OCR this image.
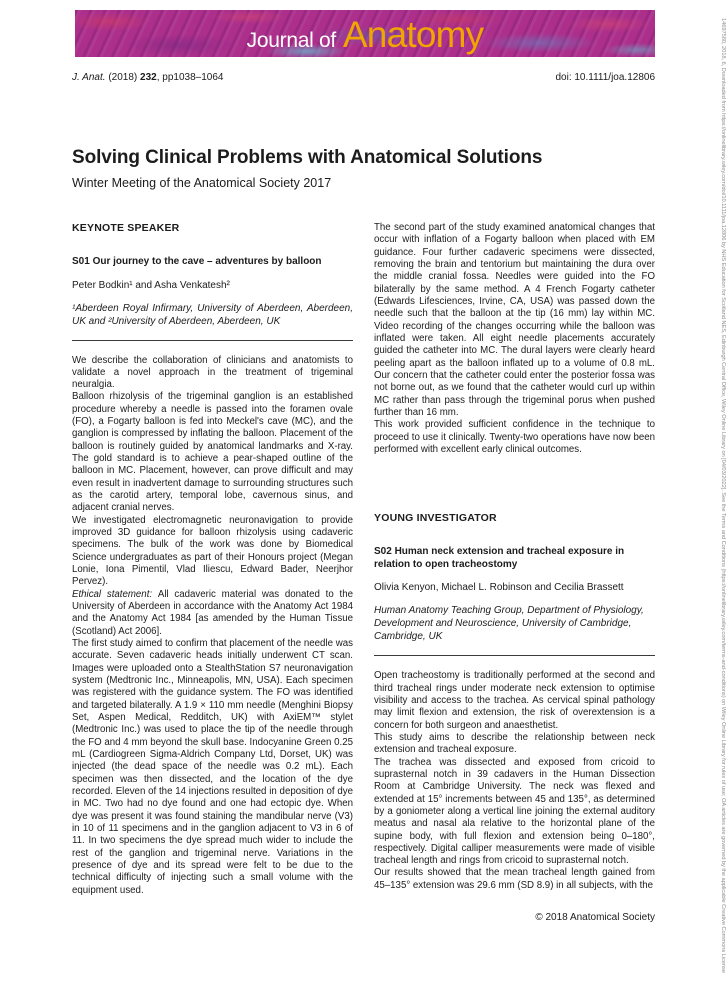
Journal of Anatomy
J. Anat. (2018) 232, pp1038–1064	doi: 10.1111/joa.12806
Solving Clinical Problems with Anatomical Solutions
Winter Meeting of the Anatomical Society 2017
KEYNOTE SPEAKER
S01 Our journey to the cave – adventures by balloon
Peter Bodkin¹ and Asha Venkatesh²
¹Aberdeen Royal Infirmary, University of Aberdeen, Aberdeen, UK and ²University of Aberdeen, Aberdeen, UK

We describe the collaboration of clinicians and anatomists to validate a novel approach in the treatment of trigeminal neuralgia.

Balloon rhizolysis of the trigeminal ganglion is an established procedure whereby a needle is passed into the foramen ovale (FO), a Fogarty balloon is fed into Meckel's cave (MC), and the ganglion is compressed by inflating the balloon. Placement of the balloon is routinely guided by anatomical landmarks and X-ray. The gold standard is to achieve a pear-shaped outline of the balloon in MC. Placement, however, can prove difficult and may even result in inadvertent damage to surrounding structures such as the carotid artery, temporal lobe, cavernous sinus, and adjacent cranial nerves.

We investigated electromagnetic neuronavigation to provide improved 3D guidance for balloon rhizolysis using cadaveric specimens. The bulk of the work was done by Biomedical Science undergraduates as part of their Honours project (Megan Lonie, Iona Pimentil, Vlad Iliescu, Edward Bader, Neerjhor Pervez).

Ethical statement: All cadaveric material was donated to the University of Aberdeen in accordance with the Anatomy Act 1984 and the Anatomy Act 1984 [as amended by the Human Tissue (Scotland) Act 2006].

The first study aimed to confirm that placement of the needle was accurate. Seven cadaveric heads initially underwent CT scan. Images were uploaded onto a StealthStation S7 neuronavigation system (Medtronic Inc., Minneapolis, MN, USA). Each specimen was registered with the guidance system. The FO was identified and targeted bilaterally. A 1.9 × 110 mm needle (Menghini Biopsy Set, Aspen Medical, Redditch, UK) with AxiEM™ stylet (Medtronic Inc.) was used to place the tip of the needle through the FO and 4 mm beyond the skull base. Indocyanine Green 0.25 mL (Cardiogreen Sigma-Aldrich Company Ltd, Dorset, UK) was injected (the dead space of the needle was 0.2 mL). Each specimen was then dissected, and the location of the dye recorded. Eleven of the 14 injections resulted in deposition of dye in MC. Two had no dye found and one had ectopic dye. When dye was present it was found staining the mandibular nerve (V3) in 10 of 11 specimens and in the ganglion adjacent to V3 in 6 of 11. In two specimens the dye spread much wider to include the rest of the ganglion and trigeminal nerve. Variations in the presence of dye and its spread were felt to be due to the technical difficulty of injecting such a small volume with the equipment used.

The second part of the study examined anatomical changes that occur with inflation of a Fogarty balloon when placed with EM guidance. Four further cadaveric specimens were dissected, removing the brain and tentorium but maintaining the dura over the middle cranial fossa. Needles were guided into the FO bilaterally by the same method. A 4 French Fogarty catheter (Edwards Lifesciences, Irvine, CA, USA) was passed down the needle such that the balloon at the tip (16 mm) lay within MC. Video recording of the changes occurring while the balloon was inflated were taken. All eight needle placements accurately guided the catheter into MC. The dural layers were clearly heard peeling apart as the balloon inflated up to a volume of 0.8 mL. Our concern that the catheter could enter the posterior fossa was not borne out, as we found that the catheter would curl up within MC rather than pass through the trigeminal porus when pushed further than 16 mm.

This work provided sufficient confidence in the technique to proceed to use it clinically. Twenty-two operations have now been performed with excellent early clinical outcomes.

YOUNG INVESTIGATOR
S02 Human neck extension and tracheal exposure in relation to open tracheostomy
Olivia Kenyon, Michael L. Robinson and Cecilia Brassett
Human Anatomy Teaching Group, Department of Physiology, Development and Neuroscience, University of Cambridge, Cambridge, UK

Open tracheostomy is traditionally performed at the second and third tracheal rings under moderate neck extension to optimise visibility and access to the trachea. As cervical spinal pathology may limit flexion and extension, the risk of overextension is a concern for both surgeon and anaesthetist.

This study aims to describe the relationship between neck extension and tracheal exposure.

The trachea was dissected and exposed from cricoid to suprasternal notch in 39 cadavers in the Human Dissection Room at Cambridge University. The neck was flexed and extended at 15° increments between 45 and 135°, as determined by a goniometer along a vertical line joining the external auditory meatus and nasal ala relative to the horizontal plane of the supine body, with full flexion and extension being 0–180°, respectively. Digital calliper measurements were made of visible tracheal length and rings from cricoid to suprasternal notch.

Our results showed that the mean tracheal length gained from 45–135° extension was 29.6 mm (SD 8.9) in all subjects, with the

© 2018 Anatomical Society	14697580, 2018, 6, Downloaded from https://onlinelibrary.wiley.com/doi/10.1111/joa.12806 by NHS Education for Scotland NES, Edinburgh Central Office, Wiley Online Library on [04/03/2022]. See the Terms and Conditions (https://onlinelibrary.wiley.com/terms-and-conditions) on Wiley Online Library for rules of use; OA articles are governed by the applicable Creative Commons License
